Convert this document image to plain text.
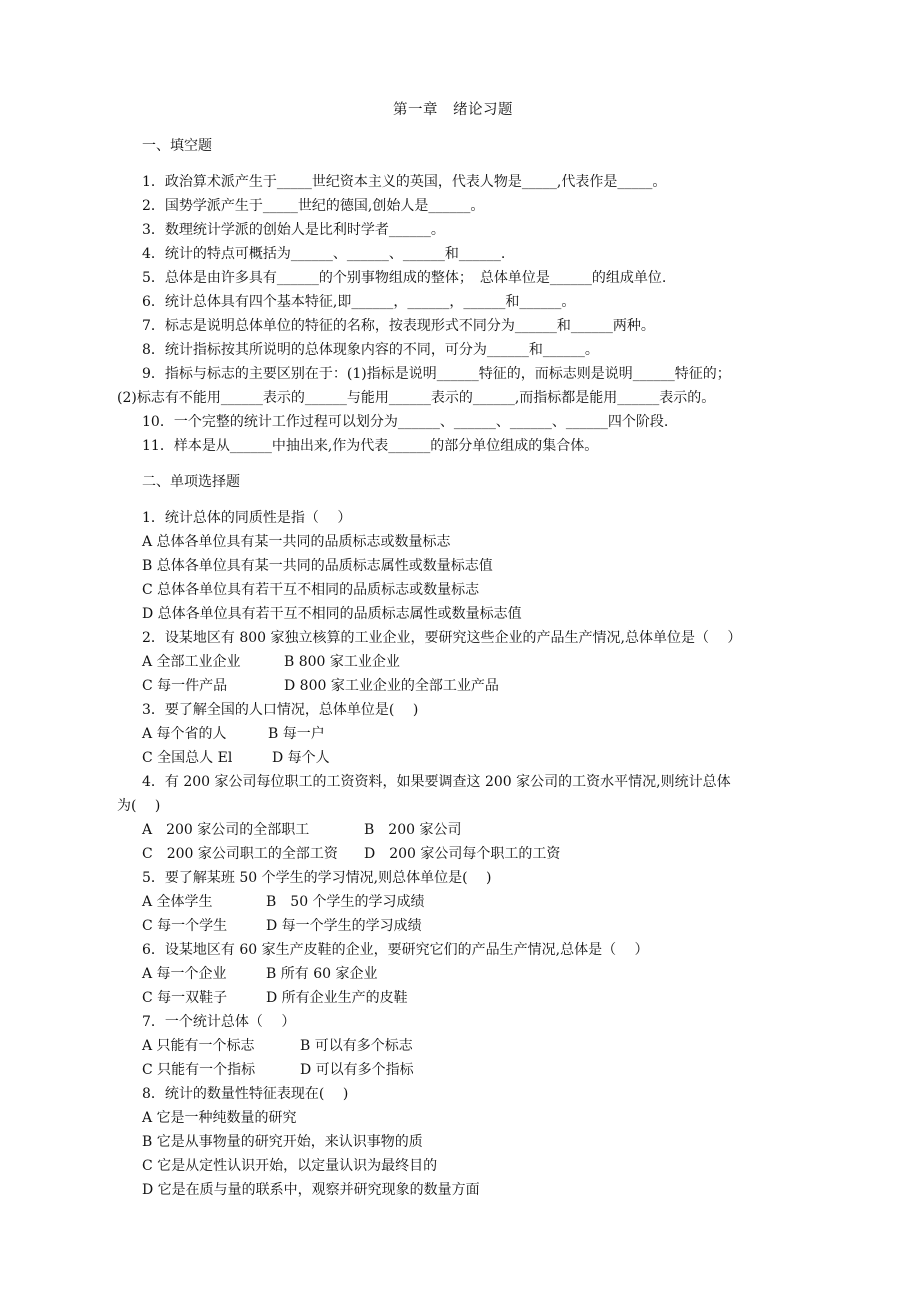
第一章　绪论习题
一、填空题
1．政治算术派产生于_____世纪资本主义的英国，代表人物是_____,代表作是_____。
2．国势学派产生于_____世纪的德国,创始人是______。
3．数理统计学派的创始人是比利时学者______。
4．统计的特点可概括为______、______、______和______.
5．总体是由许多具有______的个别事物组成的整体；　总体单位是______的组成单位.
6．统计总体具有四个基本特征,即______，______，______和______。
7．标志是说明总体单位的特征的名称，按表现形式不同分为______和______两种。
8．统计指标按其所说明的总体现象内容的不同，可分为______和______。
9．指标与标志的主要区别在于：(1)指标是说明______特征的，而标志则是说明______特征的；
(2)标志有不能用______表示的______与能用______表示的______,而指标都是能用______表示的。
10．一个完整的统计工作过程可以划分为______、______、______、______四个阶段.
11．样本是从______中抽出来,作为代表______的部分单位组成的集合体。
二、单项选择题
1．统计总体的同质性是指（　 ）
A 总体各单位具有某一共同的品质标志或数量标志
B 总体各单位具有某一共同的品质标志属性或数量标志值
C 总体各单位具有若干互不相同的品质标志或数量标志
D 总体各单位具有若干互不相同的品质标志属性或数量标志值
2．设某地区有 800 家独立核算的工业企业，要研究这些企业的产品生产情况,总体单位是（　 ）
A 全部工业企业	B 800 家工业企业
C 每一件产品	D 800 家工业企业的全部工业产品
3．要了解全国的人口情况，总体单位是(　 )
A 每个省的人	B 每一户
C 全国总人 El	D 每个人
4．有 200 家公司每位职工的工资资料，如果要调查这 200 家公司的工资水平情况,则统计总体
为(　 )
A　200 家公司的全部职工	B　200 家公司
C　200 家公司职工的全部工资 D　200 家公司每个职工的工资
5．要了解某班 50 个学生的学习情况,则总体单位是(　 )
A 全体学生	B　50 个学生的学习成绩
C 每一个学生	D 每一个学生的学习成绩
6．设某地区有 60 家生产皮鞋的企业，要研究它们的产品生产情况,总体是（　 ）
A 每一个企业	B 所有 60 家企业
C 每一双鞋子	D 所有企业生产的皮鞋
7．一个统计总体（　 ）
A 只能有一个标志	B 可以有多个标志
C 只能有一个指标	D 可以有多个指标
8．统计的数量性特征表现在(　 )
A 它是一种纯数量的研究
B 它是从事物量的研究开始，来认识事物的质
C 它是从定性认识开始，以定量认识为最终目的
D 它是在质与量的联系中，观察并研究现象的数量方面
